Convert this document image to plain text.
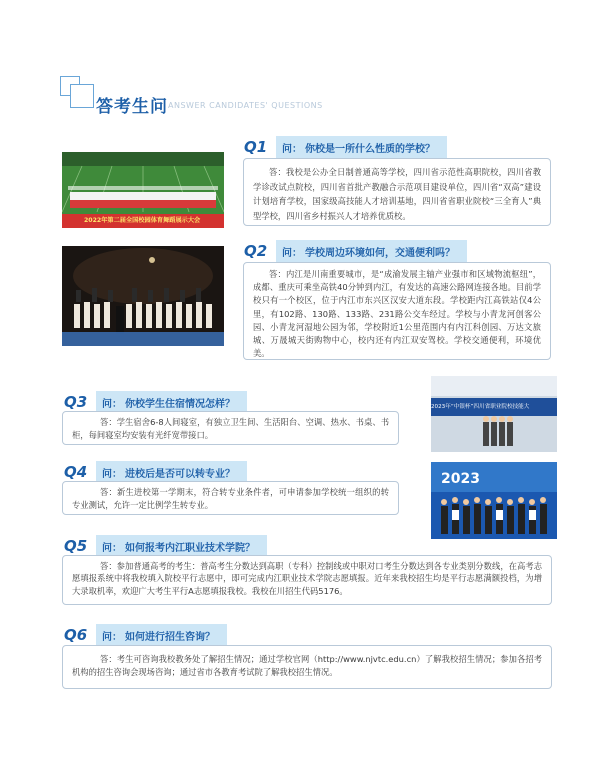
答考生问 ANSWER CANDIDATES' QUESTIONS
2022年第二届全国校园体育舞蹈展示大会
2023年“中银杯”四川省职业院校技能大
2023
Q1	问： 你校是一所什么性质的学校？
答：我校是公办全日制普通高等学校，四川省示范性高职院校，四川省教学诊改试点院校，四川省首批产教融合示范项目建设单位，四川省“双高”建设计划培育学校，国家级高技能人才培训基地，四川省省职业院校“三全育人”典型学校，四川省乡村振兴人才培养优质校。
Q2	问： 学校周边环境如何，交通便利吗？
答：内江是川南重要城市，是“成渝发展主轴产业强市和区域物流枢纽”，成都、重庆可乘坐高铁40分钟到内江，有发达的高速公路网连接各地。目前学校只有一个校区，位于内江市东兴区汉安大道东段。学校距内江高铁站仅4公里，有102路、130路、133路、231路公交车经过。学校与小青龙河创客公园、小青龙河湿地公园为邻，学校附近1公里范围内有内江科创园、万达文旅城、万晟城天街购物中心，校内还有内江双安驾校。学校交通便利，环境优美。
Q3	问： 你校学生住宿情况怎样？
答：学生宿舍6-8人间寝室，有独立卫生间、生活阳台、空调、热水、书桌、书柜，每间寝室均安装有光纤宽带接口。
Q4	问： 进校后是否可以转专业？
答：新生进校第一学期末，符合转专业条件者，可申请参加学校统一组织的转专业测试，允许一定比例学生转专业。
Q5	问： 如何报考内江职业技术学院？
答：参加普通高考的考生：普高考生分数达到高职（专科）控制线或中职对口考生分数达到各专业类别分数线，在高考志愿填报系统中将我校填入院校平行志愿中，即可完成内江职业技术学院志愿填报。近年来我校招生均是平行志愿满额投档，为增大录取机率，欢迎广大考生平行A志愿填报我校。我校在川招生代码5176。
Q6	问： 如何进行招生咨询？
答：考生可咨询我校教务处了解招生情况；通过学校官网（http://www.njvtc.edu.cn）了解我校招生情况；参加各招考机构的招生咨询会现场咨询；通过省市各教育考试院了解我校招生情况。
